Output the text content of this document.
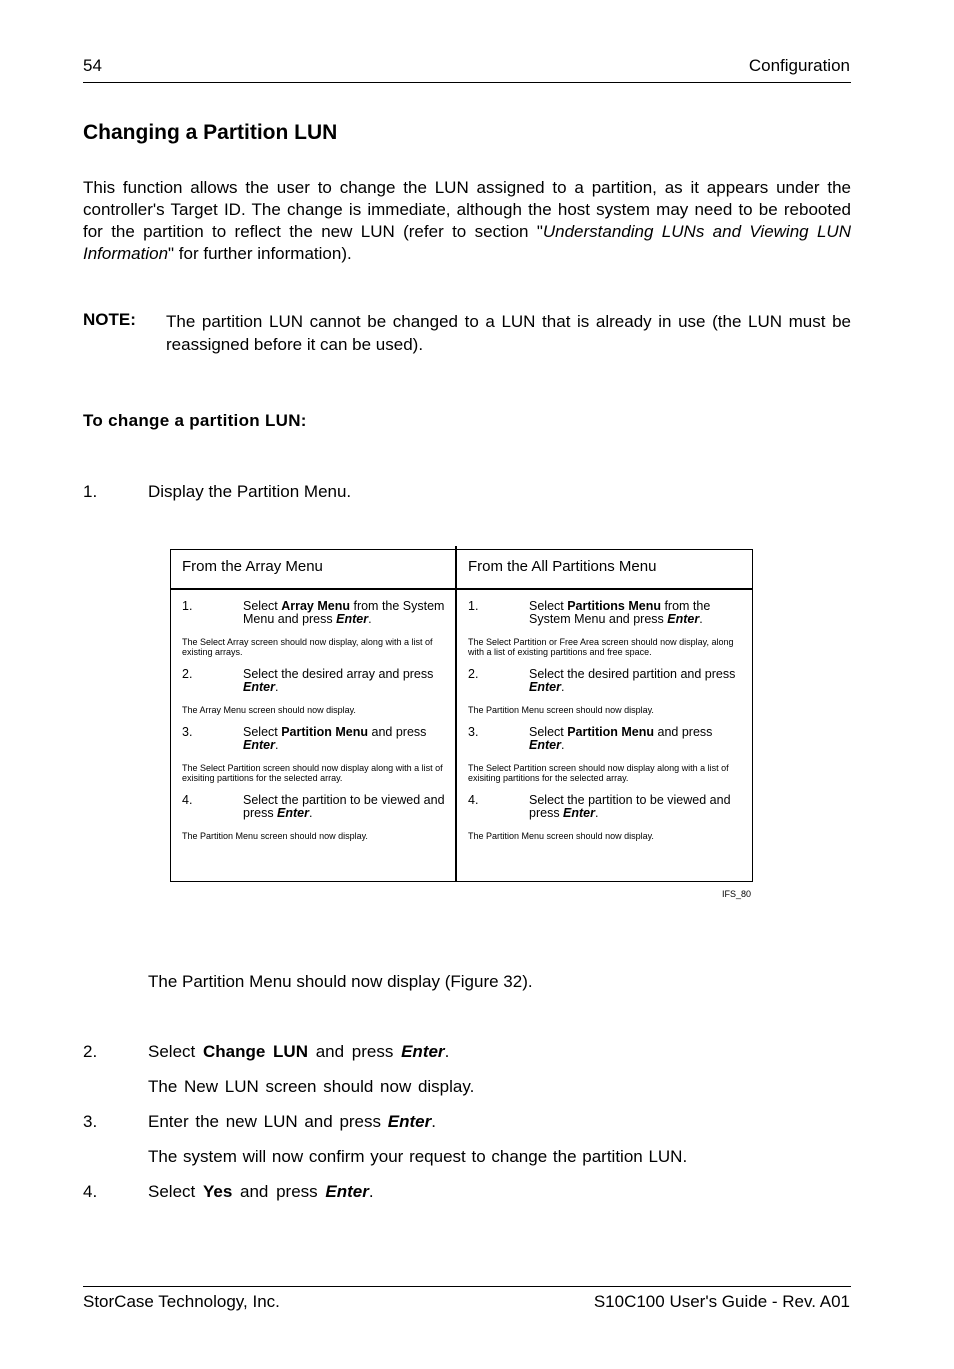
54	Configuration
Changing a Partition LUN
This function allows the user to change the LUN assigned to a partition, as it appears under the controller's Target ID. The change is immediate, although the host system may need to be rebooted for the partition to reflect the new LUN (refer to section "Understanding LUNs and Viewing LUN Information" for further information).
NOTE: The partition LUN cannot be changed to a LUN that is already in use (the LUN must be reassigned before it can be used).
To change a partition LUN:
1.	Display the Partition Menu.
From the Array Menu	From the All Partitions Menu
1.	Select Array Menu from the System Menu and press Enter.
The Select Array screen should now display, along with a list of existing arrays.
2.	Select the desired array and press Enter.
The Array Menu screen should now display.
3.	Select Partition Menu and press Enter.
The Select Partition screen should now display along with a list of exisiting partitions for the selected array.
4.	Select the partition to be viewed and press Enter.
The Partition Menu screen should now display.
1.	Select Partitions Menu from the System Menu and press Enter.
The Select Partition or Free Area screen should now display, along with a list of existing partitions and free space.
2.	Select the desired partition and press Enter.
The Partition Menu screen should now display.
3.	Select Partition Menu and press Enter.
The Select Partition screen should now display along with a list of exisiting partitions for the selected array.
4.	Select the partition to be viewed and press Enter.
The Partition Menu screen should now display.
IFS_80
The Partition Menu should now display (Figure 32).
2.	Select Change LUN and press Enter.
The New LUN screen should now display.
3.	Enter the new LUN and press Enter.
The system will now confirm your request to change the partition LUN.
4.	Select Yes and press Enter.
StorCase Technology, Inc.	S10C100 User's Guide - Rev. A01
